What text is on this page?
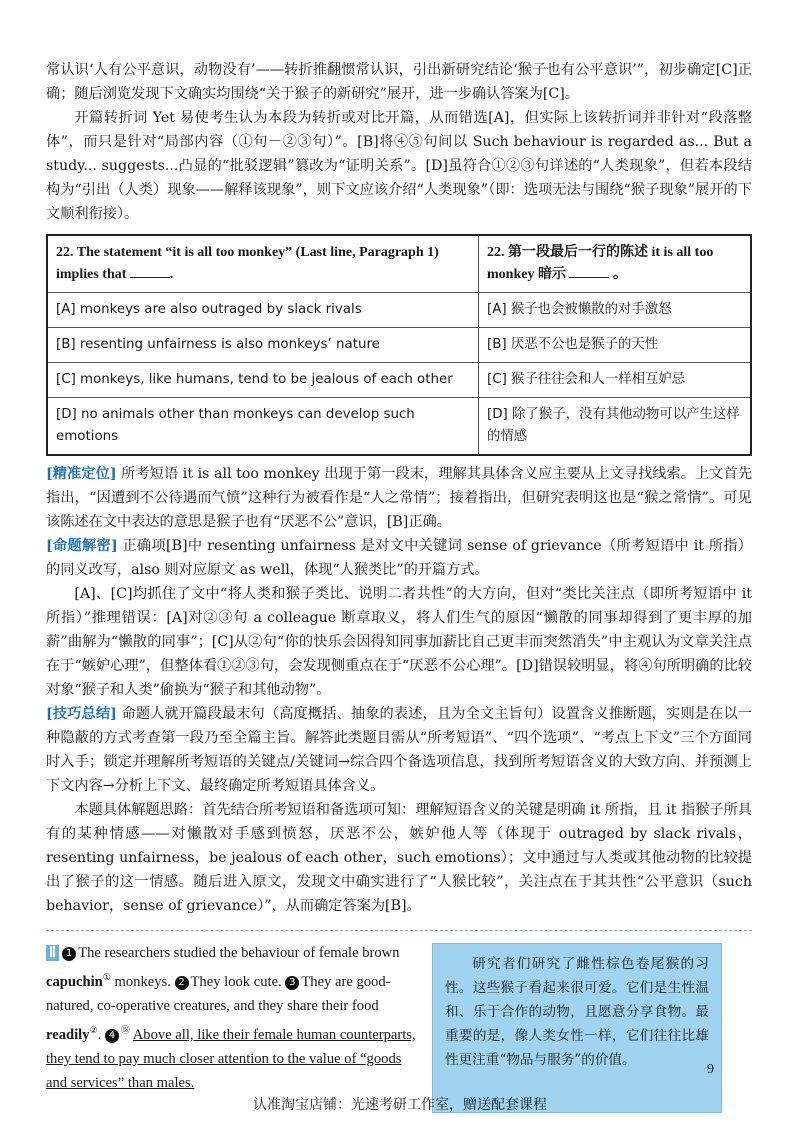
常认识‘人有公平意识，动物没有’——转折推翻惯常认识，引出新研究结论‘猴子也有公平意识’”，初步确定[C]正确；随后浏览发现下文确实均围绕“关于猴子的新研究”展开，进一步确认答案为[C]。

开篇转折词 Yet 易使考生认为本段为转折或对比开篇，从而错选[A]，但实际上该转折词并非针对“段落整体”，而只是针对“局部内容（①句－②③句）”。[B]将④⑤句间以 Such behaviour is regarded as... But a study... suggests...凸显的“批驳逻辑”篡改为“证明关系”。[D]虽符合①②③句详述的“人类现象”，但若本段结构为“引出（人类）现象——解释该现象”，则下文应该介绍“人类现象”（即：选项无法与围绕“猴子现象”展开的下文顺利衔接）。

22. The statement “it is all too monkey” (Last line, Paragraph 1) implies that .	22. 第一段最后一行的陈述 it is all too monkey 暗示 。
[A] monkeys are also outraged by slack rivals	[A] 猴子也会被懒散的对手激怒
[B] resenting unfairness is also monkeys’ nature	[B] 厌恶不公也是猴子的天性
[C] monkeys, like humans, tend to be jealous of each other	[C] 猴子往往会和人一样相互妒忌
[D] no animals other than monkeys can develop such emotions	[D] 除了猴子，没有其他动物可以产生这样的情感

[精准定位] 所考短语 it is all too monkey 出现于第一段末，理解其具体含义应主要从上文寻找线索。上文首先指出，“因遭到不公待遇而气愤”这种行为被看作是“人之常情”；接着指出，但研究表明这也是“猴之常情”。可见该陈述在文中表达的意思是猴子也有“厌恶不公”意识，[B]正确。

[命题解密] 正确项[B]中 resenting unfairness 是对文中关键词 sense of grievance（所考短语中 it 所指）的同义改写，also 则对应原文 as well，体现“人猴类比”的开篇方式。

[A]、[C]均抓住了文中“将人类和猴子类比、说明二者共性”的大方向，但对“类比关注点（即所考短语中 it 所指）”推理错误：[A]对②③句 a colleague 断章取义，将人们生气的原因“懒散的同事却得到了更丰厚的加薪”曲解为“懒散的同事”；[C]从②句“你的快乐会因得知同事加薪比自己更丰而突然消失”中主观认为文章关注点在于“嫉妒心理”，但整体看①②③句，会发现侧重点在于“厌恶不公心理”。[D]错误较明显，将④句所明确的比较对象“猴子和人类”偷换为“猴子和其他动物”。

[技巧总结] 命题人就开篇段最末句（高度概括、抽象的表述，且为全文主旨句）设置含义推断题，实则是在以一种隐蔽的方式考查第一段乃至全篇主旨。解答此类题目需从“所考短语”、“四个选项”、“考点上下文”三个方面同时入手；锁定并理解所考短语的关键点/关键词→综合四个备选项信息，找到所考短语含义的大致方向、并预测上下文内容→分析上下文、最终确定所考短语具体含义。

本题具体解题思路：首先结合所考短语和备选项可知：理解短语含义的关键是明确 it 所指，且 it 指猴子所具有的某种情感——对懒散对手感到愤怒，厌恶不公，嫉妒他人等（体现于 outraged by slack rivals，resenting unfairness，be jealous of each other，such emotions）；文中通过与人类或其他动物的比较提出了猴子的这一情感。随后进入原文，发现文中确实进行了“人猴比较”，关注点在于其共性“公平意识（such behavior，sense of grievance）”，从而确定答案为[B]。

Ⅱ 1 The researchers studied the behaviour of female brown capuchin① monkeys. 2 They look cute. 3 They are good-natured, co-operative creatures, and they share their food readily②. 4 ⑱ Above all, like their female human counterparts, they tend to pay much closer attention to the value of “goods and services” than males.
研究者们研究了雌性棕色卷尾猴的习性。这些猴子看起来很可爱。它们是生性温和、乐于合作的动物，且愿意分享食物。最重要的是，像人类女性一样，它们往往比雄性更注重“物品与服务”的价值。
9
认准淘宝店铺：光速考研工作室，赠送配套课程
